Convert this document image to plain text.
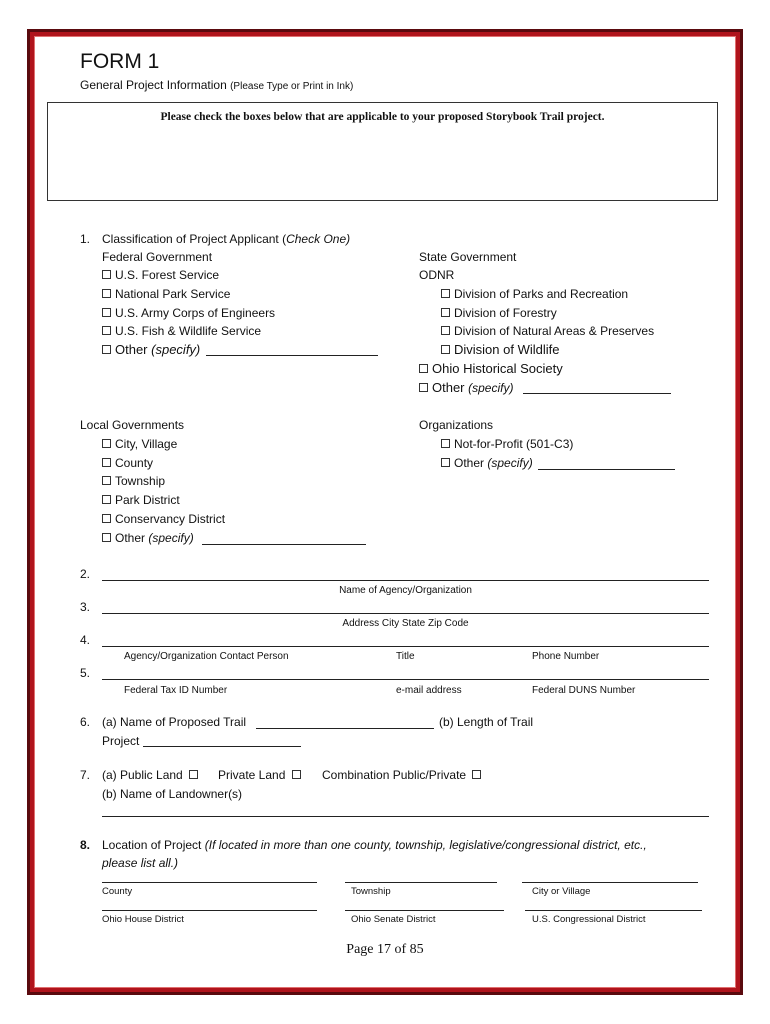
FORM 1
General Project Information (Please Type or Print in Ink)
Please check the boxes below that are applicable to your proposed Storybook Trail project.
1. Classification of Project Applicant (Check One)
Federal Government
U.S. Forest Service
National Park Service
U.S. Army Corps of Engineers
U.S. Fish & Wildlife Service
Other (specify)
State Government
ODNR
Division of Parks and Recreation
Division of Forestry
Division of Natural Areas & Preserves
Division of Wildlife
Ohio Historical Society
Other (specify)
Local Governments
City, Village
County
Township
Park District
Conservancy District
Other (specify)
Organizations
Not-for-Profit (501-C3)
Other (specify)
2.
Name of Agency/Organization
3.
Address City State Zip Code
4.
Agency/Organization Contact Person	Title	Phone Number
5.
Federal Tax ID Number	e-mail address	Federal DUNS Number
6. (a) Name of Proposed Trail	(b) Length of Trail
Project
7. (a) Public Land	Private Land	Combination Public/Private
(b) Name of Landowner(s)
8. Location of Project (If located in more than one county, township, legislative/congressional district, etc.,
please list all.)
County	Township	City or Village
Ohio House District	Ohio Senate District	U.S. Congressional District
Page 17 of 85
